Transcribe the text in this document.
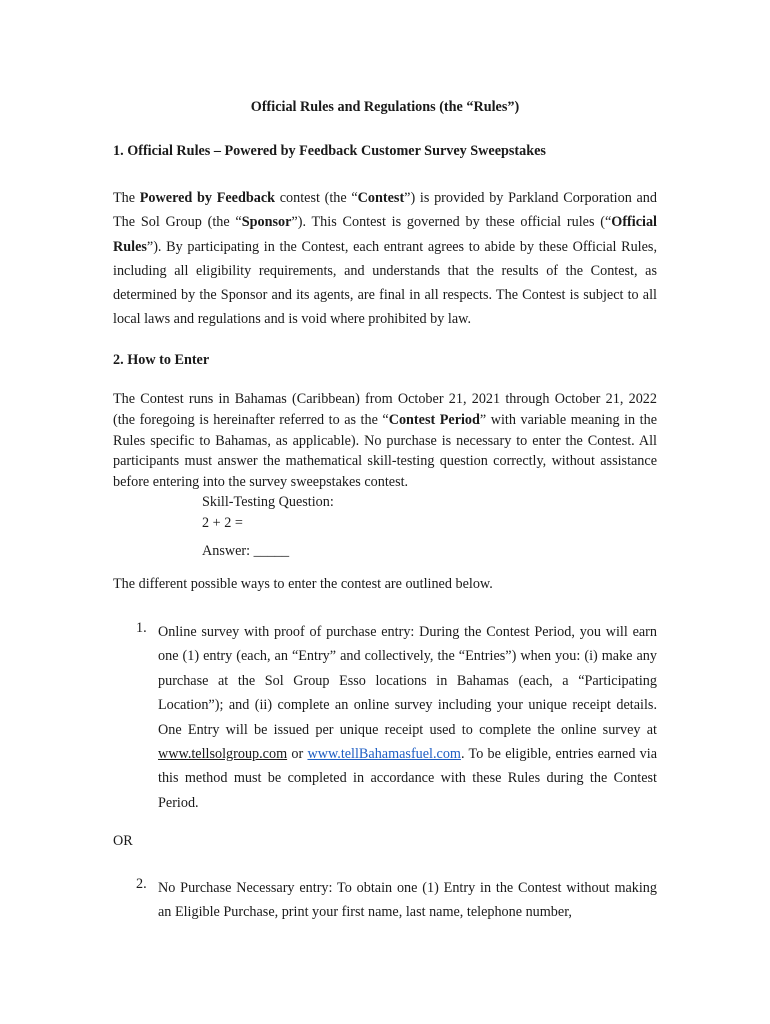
Official Rules and Regulations (the “Rules”)

1. Official Rules – Powered by Feedback Customer Survey Sweepstakes

The Powered by Feedback contest (the “Contest”) is provided by Parkland Corporation and The Sol Group (the “Sponsor”). This Contest is governed by these official rules (“Official Rules”). By participating in the Contest, each entrant agrees to abide by these Official Rules, including all eligibility requirements, and understands that the results of the Contest, as determined by the Sponsor and its agents, are final in all respects. The Contest is subject to all local laws and regulations and is void where prohibited by law.

2. How to Enter

The Contest runs in Bahamas (Caribbean) from October 21, 2021 through October 21, 2022 (the foregoing is hereinafter referred to as the “Contest Period” with variable meaning in the Rules specific to Bahamas, as applicable). No purchase is necessary to enter the Contest. All participants must answer the mathematical skill-testing question correctly, without assistance before entering into the survey sweepstakes contest.

Skill-Testing Question:

2 + 2 =

Answer: _____

The different possible ways to enter the contest are outlined below.

1. Online survey with proof of purchase entry: During the Contest Period, you will earn one (1) entry (each, an “Entry” and collectively, the “Entries”) when you: (i) make any purchase at the Sol Group Esso locations in Bahamas (each, a “Participating Location”); and (ii) complete an online survey including your unique receipt details. One Entry will be issued per unique receipt used to complete the online survey at www.tellsolgroup.com or www.tellBahamasfuel.com. To be eligible, entries earned via this method must be completed in accordance with these Rules during the Contest Period.

OR

2. No Purchase Necessary entry: To obtain one (1) Entry in the Contest without making an Eligible Purchase, print your first name, last name, telephone number,
